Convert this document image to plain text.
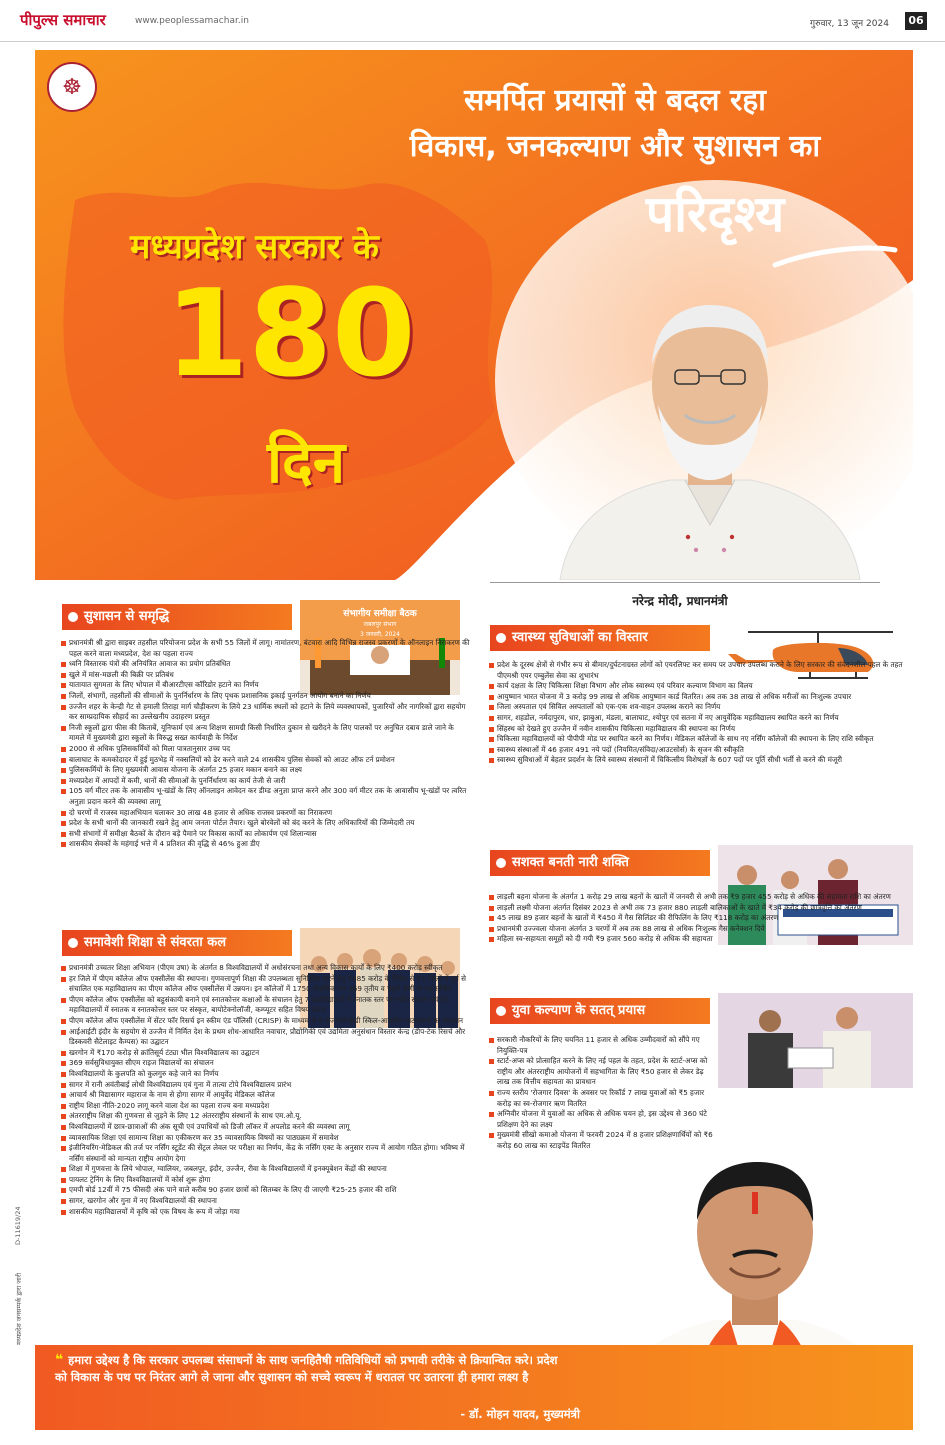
पीपुल्स समाचार	www.peoplessamachar.in	गुरुवार, 13 जून 2024	06
☸	समर्पित प्रयासों से बदल रहा
विकास, जनकल्याण और सुशासन का
परिदृश्य
मध्यप्रदेश सरकार के
180
दिन
नरेन्द्र मोदी, प्रधानमंत्री
सुशासन से समृद्धि	संभागीय समीक्षा बैठक
जबलपुर संभाग
3 जनवरी, 2024
प्रधानमंत्री श्री द्वारा साइबर तहसील परियोजना प्रदेश के सभी 55 जिलों में लागू। नामांतरण, बंटवारा आदि विभिन्न राजस्व प्रकरणों के ऑनलाइन निराकरण की पहल करने वाला मध्यप्रदेश, देश का पहला राज्य
ध्वनि विस्तारक यंत्रों की अनियंत्रित आवाज का प्रयोग प्रतिबंधित
खुले में मांस-मछली की बिक्री पर प्रतिबंध
यातायात सुगमता के लिए भोपाल में बीआरटीएस कॉरिडोर हटाने का निर्णय
जिलों, संभागों, तहसीलों की सीमाओं के पुनर्निर्धारण के लिए पृथक प्रशासनिक इकाई पुनर्गठन आयोग बनाने का निर्णय
उज्जैन शहर के केन्द्री गेट से हमाली तिराहा मार्ग चौड़ीकरण के लिये 23 धार्मिक स्थलों को हटाने के लिये व्यवस्थापकों, पुजारियों और नागरिकों द्वारा सहयोग कर साम्प्रदायिक सौहार्द का उल्लेखनीय उदाहरण प्रस्तुत
निजी स्कूलों द्वारा फीस की किताबें, यूनिफार्म एवं अन्य शिक्षण सामग्री किसी निर्धारित दुकान से खरीदने के लिए पालकों पर अनुचित दबाव डाले जाने के मामले में मुख्यमंत्री द्वारा स्कूलों के विरुद्ध सख्त कार्यवाही के निर्देश
2000 से अधिक पुलिसकर्मियों को मिला पात्रतानुसार उच्च पद
बालाघाट के कमकोदादर में हुई मुठभेड़ में नक्सलियों को ढेर करने वाले 24 शासकीय पुलिस सेवकों को आउट ऑफ टर्न प्रमोशन
पुलिसकर्मियों के लिए मुख्यमंत्री आवास योजना के अंतर्गत 25 हजार मकान बनाने का लक्ष्य
मध्यप्रदेश में आपदों में कमी, थानों की सीमाओं के पुनर्निर्धारण का कार्य तेजी से जारी
105 वर्ग मीटर तक के आवासीय भू-खंडों के लिए ऑनलाइन आवेदन कर डीम्ड अनुज्ञा प्राप्त करने और 300 वर्ग मीटर तक के आवासीय भू-खंडों पर त्वरित अनुज्ञा प्रदान करने की व्यवस्था लागू
दो चरणों में राजस्व महाअभियान चलाकर 30 लाख 48 हजार से अधिक राजस्व प्रकरणों का निराकरण
प्रदेश के सभी थानों की जानकारी रखने हेतु आम जनता पोर्टल तैयार। खुले बोरवेलों को बंद करने के लिए अधिकारियों की जिम्मेदारी तय
सभी संभागों में समीक्षा बैठकों के दौरान बड़े पैमाने पर विकास कार्यों का लोकार्पण एवं शिलान्यास
शासकीय सेवकों के महंगाई भत्ते में 4 प्रतिशत की वृद्धि से 46% हुआ डीए
समावेशी शिक्षा से संवरता कल
प्रधानमंत्री उच्चतर शिक्षा अभियान (पीएम उषा) के अंतर्गत 8 विश्वविद्यालयों में अधोसंरचना तथा अन्य विकास कार्यों के लिए ₹400 करोड़ स्वीकृत
हर जिले में पीएम कॉलेज ऑफ एक्सीलेंस की स्थापना। गुणवत्तापूर्ण शिक्षा की उपलब्धता सुनिश्चित करने हेतु ₹485 करोड़ के निवेश से 55 जिलों में पूर्व से संचालित एक महाविद्यालय का पीएम कॉलेज ऑफ एक्सीलेंस में उन्नयन। इन कॉलेजों में 1750 शैक्षणिक एवं 369 तृतीय व चतुर्थ श्रेणी के पद सृजित
पीएम कॉलेज ऑफ एक्सीलेंस को बहुसंकायी बनाने एवं स्नातकोत्तर कक्षाओं के संचालन हेतु 7 महाविद्यालयों में स्नातक स्तर पर नवीन संकाय एवं 55 महाविद्यालयों में स्नातक व स्नातकोत्तर स्तर पर संस्कृत, बायोटेक्नोलॉजी, कम्प्यूटर सहित विषय प्रारंभ
पीएम कॉलेज ऑफ एक्सीलेंस में सेंटर फॉर रिसर्च इन स्कीम एंड पॉलिसी (CRISP) के माध्यम से 6 रोजगारोन्मुखी स्किल-आधारित पाठ्यक्रमों का संचालन
आईआईटी इंदौर के सहयोग से उज्जैन में निर्मित देश के प्रथम शोध-आधारित नवाचार, प्रौद्योगिकी एवं उद्यमिता अनुसंधान विस्तार केन्द्र (डीप-टेक रिसर्च और डिस्कवरी सैटेलाइट कैम्पस) का उद्घाटन
खरगोन में ₹170 करोड़ से क्रांतिसूर्य टंट्या भील विश्वविद्यालय का उद्घाटन
369 सर्वसुविधायुक्त सीएम राइज विद्यालयों का संचालन
विश्वविद्यालयों के कुलपति को कुलगुरु कहे जाने का निर्णय
सागर में रानी अवंतीबाई लोधी विश्वविद्यालय एवं गुना में तात्या टोपे विश्वविद्यालय प्रारंभ
आचार्य श्री विद्यासागर महाराज के नाम से होगा सागर में आयुर्वेद मेडिकल कॉलेज
राष्ट्रीय शिक्षा नीति-2020 लागू करने वाला देश का पहला राज्य बना मध्यप्रदेश
अंतरराष्ट्रीय शिक्षा की गुणवत्ता से जुड़ने के लिए 12 अंतरराष्ट्रीय संस्थानों के साथ एम.ओ.यू.
विश्वविद्यालयों में छात्र-छात्राओं की अंक सूची एवं उपाधियों को डिजी लॉकर में अपलोड करने की व्यवस्था लागू
व्यावसायिक शिक्षा एवं सामान्य शिक्षा का एकीकरण कर 35 व्यावसायिक विषयों का पाठ्यक्रम में समावेश
इंजीनियरिंग-मेडिकल की तर्ज पर नर्सिंग स्टूडेंट की सेंट्रल लेवल पर परीक्षा का निर्णय, केंद्र के नर्सिंग एक्ट के अनुसार राज्य में आयोग गठित होगा। भविष्य में नर्सिंग संस्थानों को मान्यता राष्ट्रीय आयोग देगा
शिक्षा में गुणवत्ता के लिये भोपाल, ग्वालियर, जबलपुर, इंदौर, उज्जैन, रीवा के विश्वविद्यालयों में इनक्यूबेशन केंद्रों की स्थापना
पायलट ट्रेनिंग के लिए विश्वविद्यालयों में कोर्स शुरू होगा
एमपी बोर्ड 12वीं में 75 फीसदी अंक पाने वाले करीब 90 हजार छात्रों को सितम्बर के लिए दी जाएगी ₹25-25 हजार की राशि
सागर, खरगोन और गुना में नए विश्वविद्यालयों की स्थापना
शासकीय महाविद्यालयों में कृषि को एक विषय के रूप में जोड़ा गया
स्वास्थ्य सुविधाओं का विस्तार
प्रदेश के दूरस्थ क्षेत्रों से गंभीर रूप से बीमार/दुर्घटनाग्रस्त लोगों को एयरलिफ्ट कर समय पर उपचार उपलब्ध कराने के लिए सरकार की संवेदनशील पहल के तहत पीएमश्री एयर एम्बुलेंस सेवा का शुभारंभ
कार्य दक्षता के लिए चिकित्सा शिक्षा विभाग और लोक स्वास्थ्य एवं परिवार कल्याण विभाग का विलय
आयुष्मान भारत योजना में 3 करोड़ 99 लाख से अधिक आयुष्मान कार्ड वितरित। अब तक 38 लाख से अधिक मरीजों का निःशुल्क उपचार
जिला अस्पताल एवं सिविल अस्पतालों को एक-एक शव-वाहन उपलब्ध कराने का निर्णय
सागर, शहडोल, नर्मदापुरम, धार, झाबुआ, मंडला, बालाघाट, श्योपुर एवं सतना में नए आयुर्वेदिक महाविद्यालय स्थापित करने का निर्णय
सिंहस्थ को देखते हुए उज्जैन में नवीन शासकीय चिकित्सा महाविद्यालय की स्थापना का निर्णय
चिकित्सा महाविद्यालयों को पीपीपी मोड पर स्थापित करने का निर्णय। मेडिकल कॉलेजों के साथ नए नर्सिंग कॉलेजों की स्थापना के लिए राशि स्वीकृत
स्वास्थ्य संस्थाओं में 46 हजार 491 नये पदों (नियमित/संविदा/आउटसोर्स) के सृजन की स्वीकृति
स्वास्थ्य सुविधाओं में बेहतर प्रदर्शन के लिये स्वास्थ्य संस्थानों में चिकित्सीय विशेषज्ञों के 607 पदों पर पूर्ति सीधी भर्ती से करने की मंजूरी
सशक्त बनती नारी शक्ति
लाड़ली बहना योजना के अंतर्गत 1 करोड़ 29 लाख बहनों के खातों में जनवरी से अभी तक ₹9 हजार 455 करोड़ से अधिक की सहायता राशि का अंतरण
लाड़ली लक्ष्मी योजना अंतर्गत दिसंबर 2023 से अभी तक 73 हजार 880 लाड़ली बालिकाओं के खाते में ₹34 करोड़ की छात्रवृत्ति का अंतरण
45 लाख 89 हजार बहनों के खातों में ₹450 में गैस सिलिंडर की रीफिलिंग के लिए ₹118 करोड़ का अंतरण
प्रधानमंत्री उज्ज्वला योजना अंतर्गत 3 चरणों में अब तक 88 लाख से अधिक निःशुल्क गैस कनेक्शन दिये
महिला स्व-सहायता समूहों को दी गयी ₹9 हजार 560 करोड़ से अधिक की सहायता
युवा कल्याण के सतत् प्रयास
सरकारी नौकरियों के लिए चयनित 11 हजार से अधिक उम्मीदवारों को सौंपे गए नियुक्ति-पत्र
स्टार्ट-अप्स को प्रोत्साहित करने के लिए नई पहल के तहत, प्रदेश के स्टार्ट-अप्स को राष्ट्रीय और अंतरराष्ट्रीय आयोजनों में सहभागिता के लिए ₹50 हजार से लेकर डेढ़ लाख तक वित्तीय सहायता का प्रावधान
राज्य स्तरीय 'रोजगार दिवस' के अवसर पर रिकॉर्ड 7 लाख युवाओं को ₹5 हजार करोड़ का स्व-रोजगार ऋण वितरित
अग्निवीर योजना में युवाओं का अधिक से अधिक चयन हो, इस उद्देश्य से 360 घंटे प्रशिक्षण देने का लक्ष्य
मुख्यमंत्री सीखो कमाओ योजना में फरवरी 2024 में 8 हजार प्रशिक्षणार्थियों को ₹6 करोड़ 60 लाख का स्टाइपेंड वितरित
❝ हमारा उद्देश्य है कि सरकार उपलब्ध संसाधनों के साथ जनहितैषी गतिविधियों को प्रभावी तरीके से क्रियान्वित करे। प्रदेश को विकास के पथ पर निरंतर आगे ले जाना और सुशासन को सच्चे स्वरूप में धरातल पर उतारना ही हमारा लक्ष्य है
- डॉ. मोहन यादव, मुख्यमंत्री
मध्यप्रदेश जनसम्पर्क द्वारा जारी
D-11619/24
